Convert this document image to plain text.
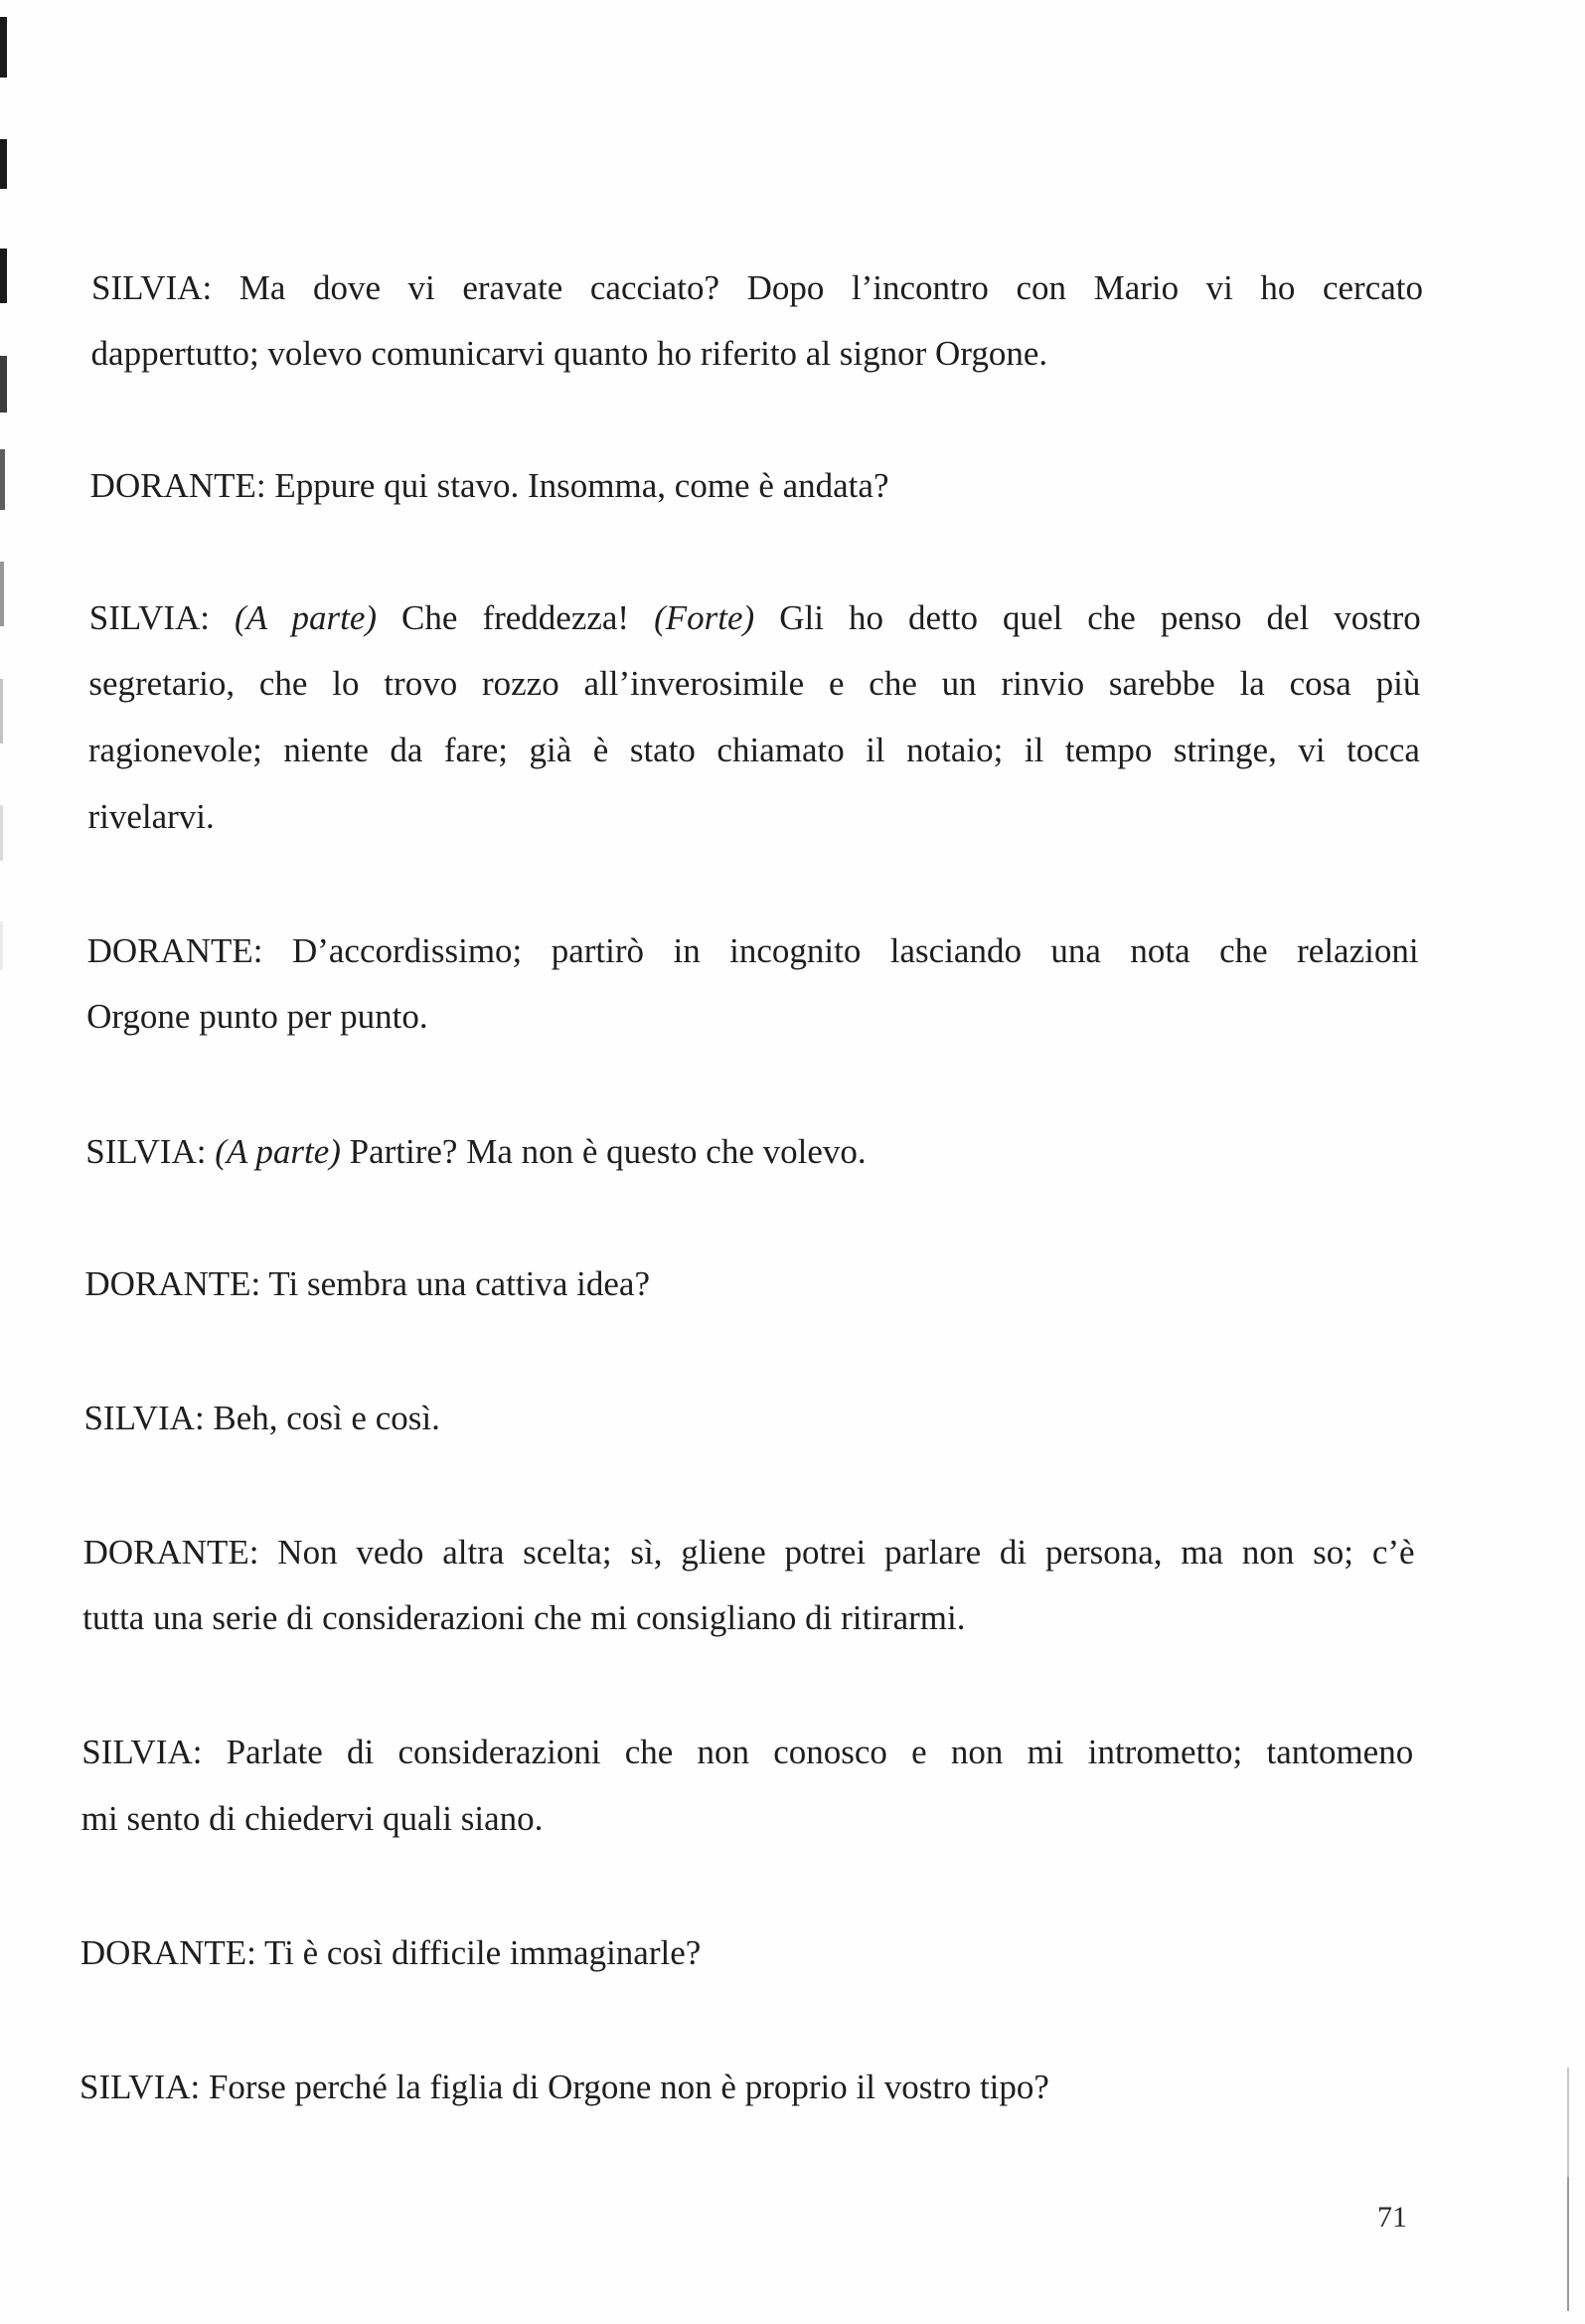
SILVIA: Ma dove vi eravate cacciato? Dopo l’incontro con Mario vi ho cercato
dappertutto; volevo comunicarvi quanto ho riferito al signor Orgone.
DORANTE: Eppure qui stavo. Insomma, come è andata?
SILVIA: (A parte) Che freddezza! (Forte) Gli ho detto quel che penso del vostro
segretario, che lo trovo rozzo all’inverosimile e che un rinvio sarebbe la cosa più
ragionevole; niente da fare; già è stato chiamato il notaio; il tempo stringe, vi tocca
rivelarvi.
DORANTE: D’accordissimo; partirò in incognito lasciando una nota che relazioni
Orgone punto per punto.
SILVIA: (A parte) Partire? Ma non è questo che volevo.
DORANTE: Ti sembra una cattiva idea?
SILVIA: Beh, così e così.
DORANTE: Non vedo altra scelta; sì, gliene potrei parlare di persona, ma non so; c’è
tutta una serie di considerazioni che mi consigliano di ritirarmi.
SILVIA: Parlate di considerazioni che non conosco e non mi intrometto; tantomeno
mi sento di chiedervi quali siano.
DORANTE: Ti è così difficile immaginarle?
SILVIA: Forse perché la figlia di Orgone non è proprio il vostro tipo?
71
